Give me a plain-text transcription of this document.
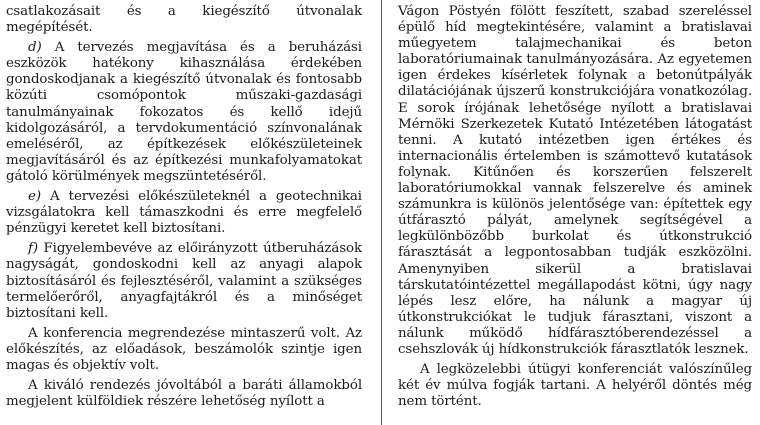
csatlakozásait és a kiegészítő útvonalak megépítését.

d) A tervezés megjavítása és a beruházási eszközök hatékony kihasználása érdekében gondoskodjanak a kiegészítő útvonalak és fontosabb közúti csomópontok műszaki-gazdasági tanulmányainak fokozatos és kellő idejű kidolgozásáról, a tervdokumentáció színvonalának emeléséről, az építkezések előkészületeinek megjavításáról és az építkezési munkafolyamatokat gátoló körülmények megszüntetéséről.

e) A tervezési előkészületeknél a geotechnikai vizsgálatokra kell támaszkodni és erre megfelelő pénzügyi keretet kell biztosítani.

f) Figyelembevéve az előirányzott útberuházások nagyságát, gondoskodni kell az anyagi alapok biztosításáról és fejlesztéséről, valamint a szükséges termelőerőről, anyagfajtákról és a minőséget biztosítani kell.

A konferencia megrendezése mintaszerű volt. Az előkészítés, az előadások, beszámolók szintje igen magas és objektív volt.

A kiváló rendezés jóvoltából a baráti államokból megjelent külföldiek részére lehetőség nyílott a

Vágon Pöstyén fölött feszített, szabad szereléssel épülő híd megtekintésére, valamint a bratislavai műegyetem talajmechanikai és beton laboratóriumainak tanulmányozására. Az egyetemen igen érdekes kísérletek folynak a betonútpályák dilatációjának újszerű konstrukciójára vonatkozólag. E sorok írójának lehetősége nyílott a bratislavai Mérnöki Szerkezetek Kutató Intézetében látogatást tenni. A kutató intézetben igen értékes és internacionális értelemben is számottevő kutatások folynak. Kitűnően és korszerűen felszerelt laboratóriumokkal vannak felszerelve és aminek számunkra is különös jelentősége van: építettek egy útfárasztó pályát, amelynek segítségével a legkülönbözőbb burkolat és útkonstrukció fárasztását a legpontosabban tudják eszközölni. Amenynyiben sikerül a bratislavai társkutatóintézettel megállapodást kötni, úgy nagy lépés lesz előre, ha nálunk a magyar új útkonstrukciókat le tudjuk fárasztani, viszont a nálunk működő hídfárasztóberendezéssel a csehszlovák új hídkonstrukciók fárasztlatók lesznek.

A legközelebbi útügyi konferenciát valószínűleg két év múlva fogják tartani. A helyéről döntés még nem történt.
